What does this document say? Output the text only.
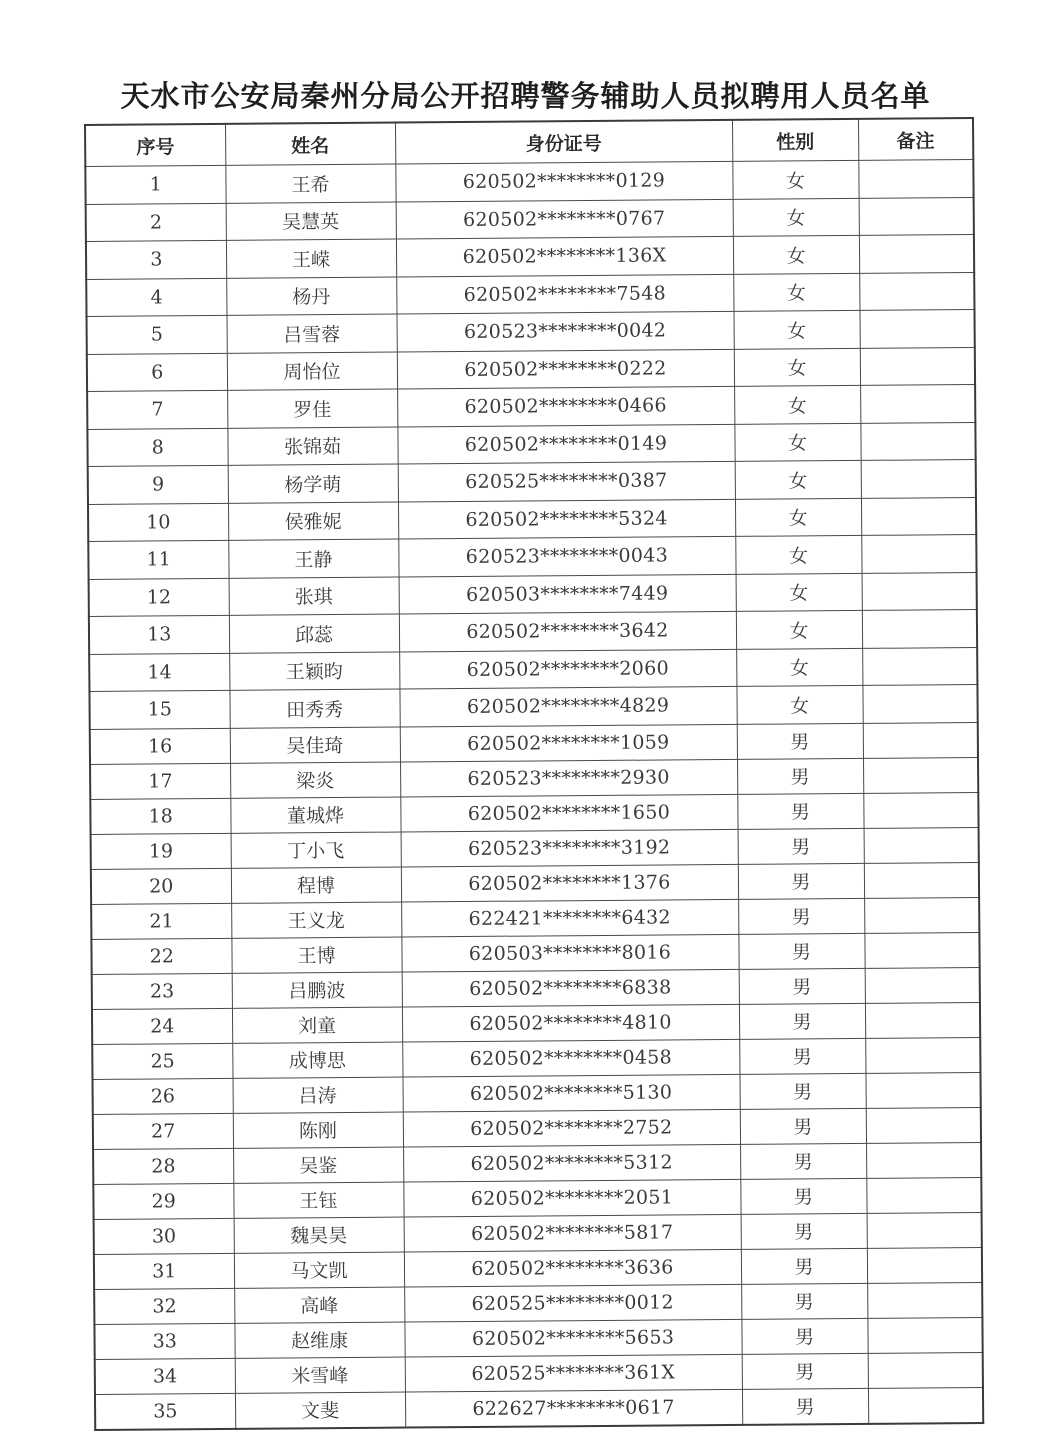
天水市公安局秦州分局公开招聘警务辅助人员拟聘用人员名单
序号	姓名	身份证号	性别	备注
1	王希	620502********0129	女	
2	吴慧英	620502********0767	女	
3	王嵘	620502********136X	女	
4	杨丹	620502********7548	女	
5	吕雪蓉	620523********0042	女	
6	周怡位	620502********0222	女	
7	罗佳	620502********0466	女	
8	张锦茹	620502********0149	女	
9	杨学萌	620525********0387	女	
10	侯雅妮	620502********5324	女	
11	王静	620523********0043	女	
12	张琪	620503********7449	女	
13	邱蕊	620502********3642	女	
14	王颖昀	620502********2060	女	
15	田秀秀	620502********4829	女	
16	吴佳琦	620502********1059	男	
17	梁炎	620523********2930	男	
18	董城烨	620502********1650	男	
19	丁小飞	620523********3192	男	
20	程博	620502********1376	男	
21	王义龙	622421********6432	男	
22	王博	620503********8016	男	
23	吕鹏波	620502********6838	男	
24	刘童	620502********4810	男	
25	成博思	620502********0458	男	
26	吕涛	620502********5130	男	
27	陈刚	620502********2752	男	
28	吴鉴	620502********5312	男	
29	王钰	620502********2051	男	
30	魏昊昊	620502********5817	男	
31	马文凯	620502********3636	男	
32	高峰	620525********0012	男	
33	赵维康	620502********5653	男	
34	米雪峰	620525********361X	男	
35	文斐	622627********0617	男	
